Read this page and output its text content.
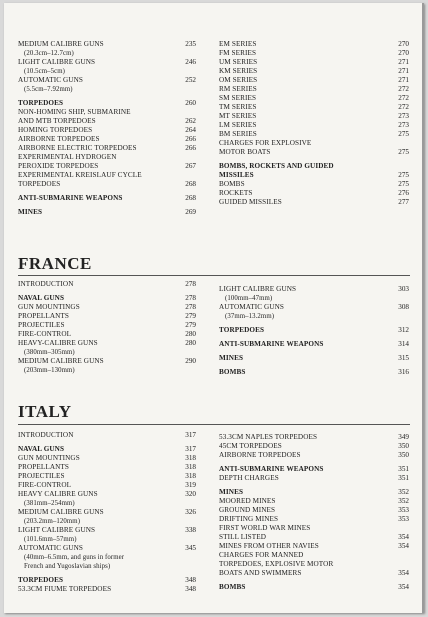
MEDIUM CALIBRE GUNS	235
(20.3cm–12.7cm)
LIGHT CALIBRE GUNS	246
(10.5cm–5cm)
AUTOMATIC GUNS	252
(5.5cm–7.92mm)
TORPEDOES	260
NON-HOMING SHIP, SUBMARINE
AND MTB TORPEDOES	262
HOMING TORPEDOES	264
AIRBORNE TORPEDOES	266
AIRBORNE ELECTRIC TORPEDOES	266
EXPERIMENTAL HYDROGEN
PEROXIDE TORPEDOES	267
EXPERIMENTAL KREISLAUF CYCLE
TORPEDOES	268
ANTI-SUBMARINE WEAPONS	268
MINES	269
EM SERIES	270
FM SERIES	270
UM SERIES	271
KM SERIES	271
OM SERIES	271
RM SERIES	272
SM SERIES	272
TM SERIES	272
MT SERIES	273
LM SERIES	273
BM SERIES	275
CHARGES FOR EXPLOSIVE
MOTOR BOATS	275
BOMBS, ROCKETS AND GUIDED
MISSILES	275
BOMBS	275
ROCKETS	276
GUIDED MISSILES	277
FRANCE
INTRODUCTION	278
NAVAL GUNS	278
GUN MOUNTINGS	278
PROPELLANTS	279
PROJECTILES	279
FIRE-CONTROL	280
HEAVY-CALIBRE GUNS	280
(380mm–305mm)
MEDIUM CALIBRE GUNS	290
(203mm–130mm)
LIGHT CALIBRE GUNS	303
(100mm–47mm)
AUTOMATIC GUNS	308
(37mm–13.2mm)
TORPEDOES	312
ANTI-SUBMARINE WEAPONS	314
MINES	315
BOMBS	316
ITALY
INTRODUCTION	317
NAVAL GUNS	317
GUN MOUNTINGS	318
PROPELLANTS	318
PROJECTILES	318
FIRE-CONTROL	319
HEAVY CALIBRE GUNS	320
(381mm–254mm)
MEDIUM CALIBRE GUNS	326
(203.2mm–120mm)
LIGHT CALIBRE GUNS	338
(101.6mm–57mm)
AUTOMATIC GUNS	345
(40mm–6.5mm, and guns in former
French and Yugoslavian ships)
TORPEDOES	348
53.3CM FIUME TORPEDOES	348
53.3CM NAPLES TORPEDOES	349
45CM TORPEDOES	350
AIRBORNE TORPEDOES	350
ANTI-SUBMARINE WEAPONS	351
DEPTH CHARGES	351
MINES	352
MOORED MINES	352
GROUND MINES	353
DRIFTING MINES	353
FIRST WORLD WAR MINES
STILL LISTED	354
MINES FROM OTHER NAVIES	354
CHARGES FOR MANNED
TORPEDOES, EXPLOSIVE MOTOR
BOATS AND SWIMMERS	354
BOMBS	354
